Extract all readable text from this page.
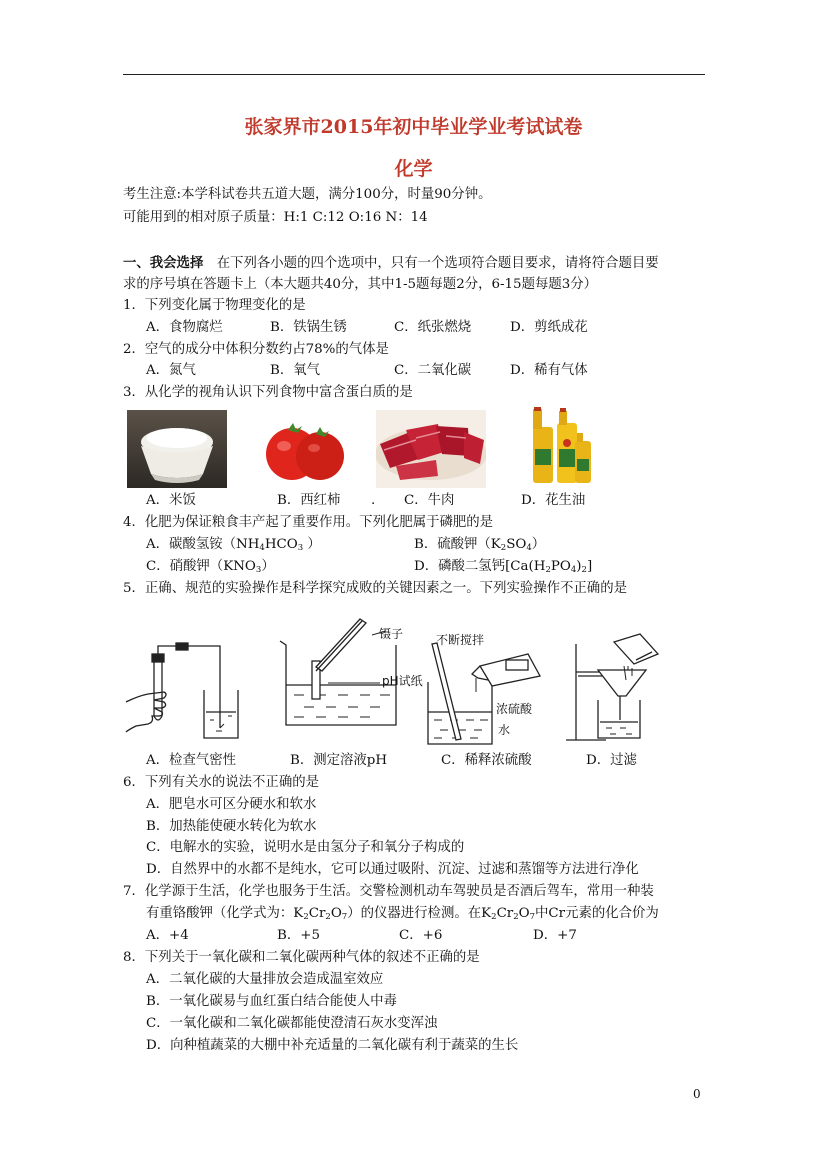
张家界市2015年初中毕业学业考试试卷
化学
考生注意:本学科试卷共五道大题，满分100分，时量90分钟。
可能用到的相对原子质量：H:1 C:12 O:16 N：14
一、我会选择　在下列各小题的四个选项中，只有一个选项符合题目要求，请将符合题目要
求的序号填在答题卡上（本大题共40分，其中1-5题每题2分，6-15题每题3分）
1．下列变化属于物理变化的是
A．食物腐烂	B．铁锅生锈	C．纸张燃烧	D．剪纸成花
2．空气的成分中体积分数约占78%的气体是
A．氮气	B．氧气	C．二氧化碳	D．稀有气体
3．从化学的视角认识下列食物中富含蛋白质的是
A．米饭	B．西红柿 . C．牛肉	D．花生油
4．化肥为保证粮食丰产起了重要作用。下列化肥属于磷肥的是
A．碳酸氢铵（$NH_4HCO_3$ ）	B．硫酸钾$(K_2SO_4)$
C．硝酸钾$(KNO_3)$	D．磷酸二氢钙$[Ca(H_2PO_4)_2]$
5．正确、规范的实验操作是科学探究成败的关键因素之一。下列实验操作不正确的是
镊子
pH试纸
不断搅拌
浓硫酸
水
A．检查气密性	B．测定溶液pH	C．稀释浓硫酸	D．过滤
6．下列有关水的说法不正确的是
A．肥皂水可区分硬水和软水
B．加热能使硬水转化为软水
C．电解水的实验，说明水是由氢分子和氧分子构成的
D．自然界中的水都不是纯水，它可以通过吸附、沉淀、过滤和蒸馏等方法进行净化
7．化学源于生活，化学也服务于生活。交警检测机动车驾驶员是否酒后驾车，常用一种装
有重铬酸钾（化学式为：$K_2Cr_2O_7$）的仪器进行检测。在$K_2Cr_2O_7$中Cr元素的化合价为
A．+4	B．+5	C．+6	D．+7
8．下列关于一氧化碳和二氧化碳两种气体的叙述不正确的是
A．二氧化碳的大量排放会造成温室效应
B．一氧化碳易与血红蛋白结合能使人中毒
C．一氧化碳和二氧化碳都能使澄清石灰水变浑浊
D．向种植蔬菜的大棚中补充适量的二氧化碳有利于蔬菜的生长
0
